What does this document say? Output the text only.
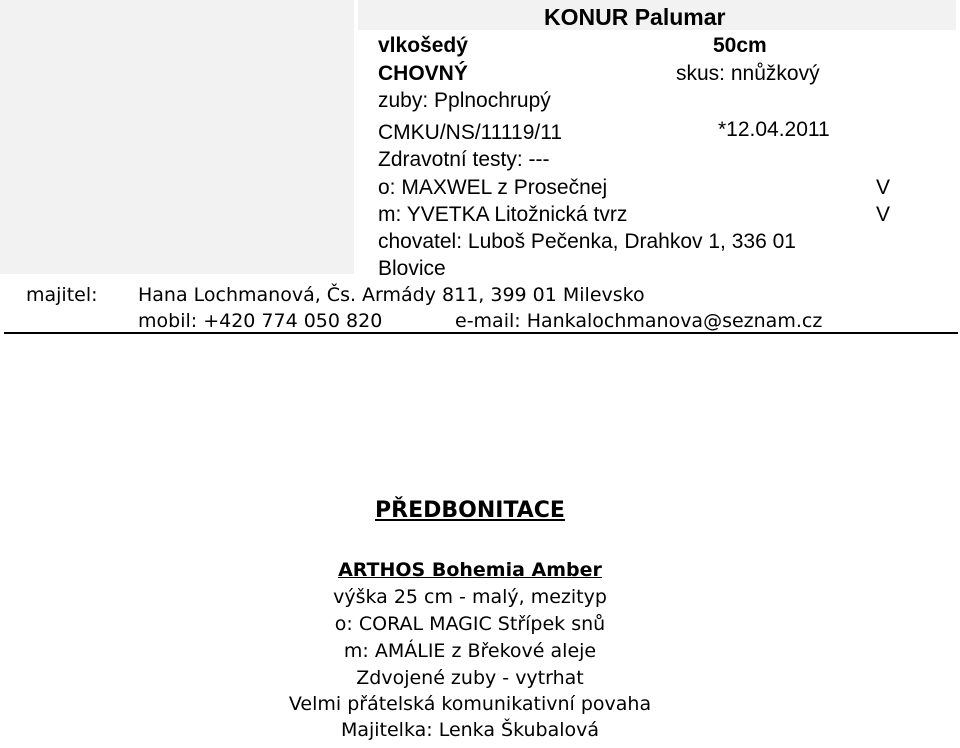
KONUR Palumar
vlkošedý	50cm
CHOVNÝ	skus: nnůžkový
zuby: Pplnochrupý
CMKU/NS/11119/11	*12.04.2011
Zdravotní testy: ---
o: MAXWEL z Prosečnej	V
m: YVETKA Litožnická tvrz	V
chovatel: Luboš Pečenka, Drahkov 1, 336 01
Blovice
majitel: Hana Lochmanová, Čs. Armády 811, 399 01 Milevsko
mobil: +420 774 050 820	e-mail: Hankalochmanova@seznam.cz
PŘEDBONITACE
ARTHOS Bohemia Amber
výška 25 cm - malý, mezityp
o: CORAL MAGIC Střípek snů
m: AMÁLIE z Břekové aleje
Zdvojené zuby - vytrhat
Velmi přátelská komunikativní povaha
Majitelka: Lenka Škubalová
